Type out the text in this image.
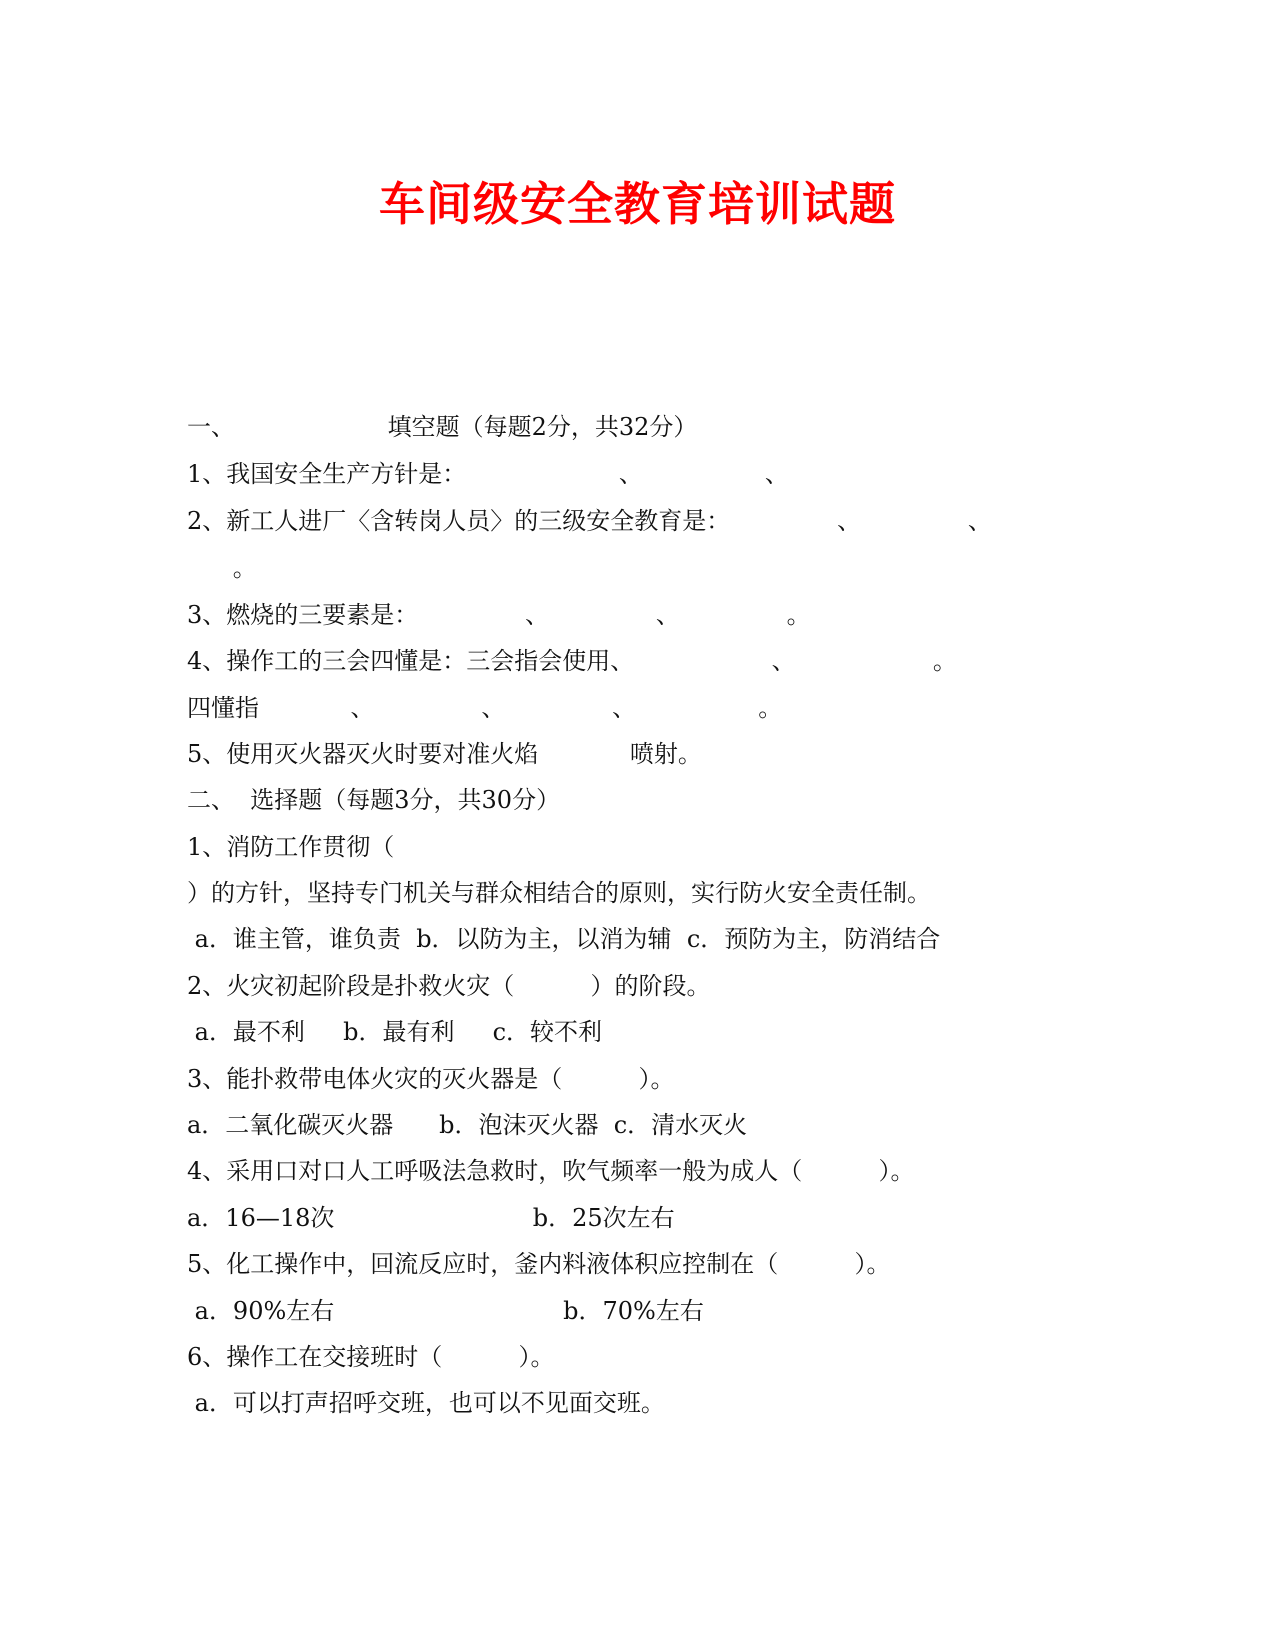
车间级安全教育培训试题
一、                    填空题（每题2分，共32分）
1、我国安全生产方针是：                    、                、
2、新工人进厂〈含转岗人员〉的三级安全教育是：              、              、
。
3、燃烧的三要素是：              、              、              。
4、操作工的三会四懂是：三会指会使用、                  、                  。
四懂指            、              、              、                。
5、使用灭火器灭火时要对准火焰            喷射。
二、  选择题（每题3分，共30分）
1、消防工作贯彻（
）的方针，坚持专门机关与群众相结合的原则，实行防火安全责任制。
a．谁主管，谁负责  b．以防为主，以消为辅  c．预防为主，防消结合
2、火灾初起阶段是扑救火灾（          ）的阶段。
a．最不利     b．最有利     c．较不利
3、能扑救带电体火灾的灭火器是（          ）。
a．二氧化碳灭火器      b．泡沫灭火器  c．清水灭火
4、采用口对口人工呼吸法急救时，吹气频率一般为成人（          ）。
a．16—18次                          b．25次左右
5、化工操作中，回流反应时，釜内料液体积应控制在（          ）。
a．90%左右                              b．70%左右
6、操作工在交接班时（          ）。
a．可以打声招呼交班，也可以不见面交班。
